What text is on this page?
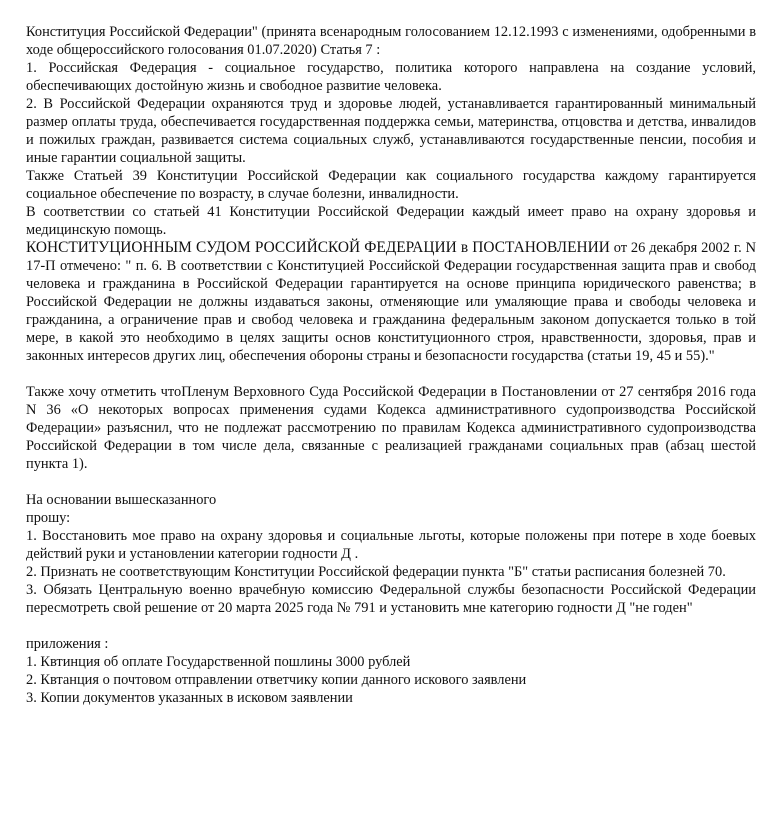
Конституция Российской Федерации" (принята всенародным голосованием 12.12.1993 с изменениями, одобренными в ходе общероссийского голосования 01.07.2020) Статья 7 :

1. Российская Федерация - социальное государство, политика которого направлена на создание условий, обеспечивающих достойную жизнь и свободное развитие человека.

2. В Российской Федерации охраняются труд и здоровье людей, устанавливается гарантированный минимальный размер оплаты труда, обеспечивается государственная поддержка семьи, материнства, отцовства и детства, инвалидов и пожилых граждан, развивается система социальных служб, устанавливаются государственные пенсии, пособия и иные гарантии социальной защиты.

Также Статьей 39 Конституции Российской Федерации как социального государства каждому гарантируется социальное обеспечение по возрасту, в случае болезни, инвалидности.

В соответствии со статьей 41 Конституции Российской Федерации каждый имеет право на охрану здоровья и медицинскую помощь.

КОНСТИТУЦИОННЫМ СУДОМ РОССИЙСКОЙ ФЕДЕРАЦИИ в ПОСТАНОВЛЕНИИ от 26 декабря 2002 г. N 17-П отмечено: " п. 6. В соответствии с Конституцией Российской Федерации государственная защита прав и свобод человека и гражданина в Российской Федерации гарантируется на основе принципа юридического равенства; в Российской Федерации не должны издаваться законы, отменяющие или умаляющие права и свободы человека и гражданина, а ограничение прав и свобод человека и гражданина федеральным законом допускается только в той мере, в какой это необходимо в целях защиты основ конституционного строя, нравственности, здоровья, прав и законных интересов других лиц, обеспечения обороны страны и безопасности государства (статьи 19, 45 и 55)."

Также хочу отметить чтоПленум Верховного Суда Российской Федерации в Постановлении от 27 сентября 2016 года N 36 «О некоторых вопросах применения судами Кодекса административного судопроизводства Российской Федерации» разъяснил, что не подлежат рассмотрению по правилам Кодекса административного судопроизводства Российской Федерации в том числе дела, связанные с реализацией гражданами социальных прав (абзац шестой пункта 1).

На основании вышесказанного

прошу:

1. Восстановить мое право на охрану здоровья и социальные льготы, которые положены при потере в ходе боевых действий руки и установлении категории годности Д .

2. Признать не соответствующим Конституции Российской федерации пункта "Б" статьи расписания болезней 70.

3. Обязать Центральную военно врачебную комиссию Федеральной службы безопасности Российской Федерации пересмотреть свой решение от 20 марта 2025 года № 791 и установить мне категорию годности Д "не годен"

приложения :

1. Квтинция об оплате Государственной пошлины 3000 рублей

2. Квтанция о почтовом отправлении ответчику копии данного искового заявлени

3. Копии документов указанных в исковом заявлении
